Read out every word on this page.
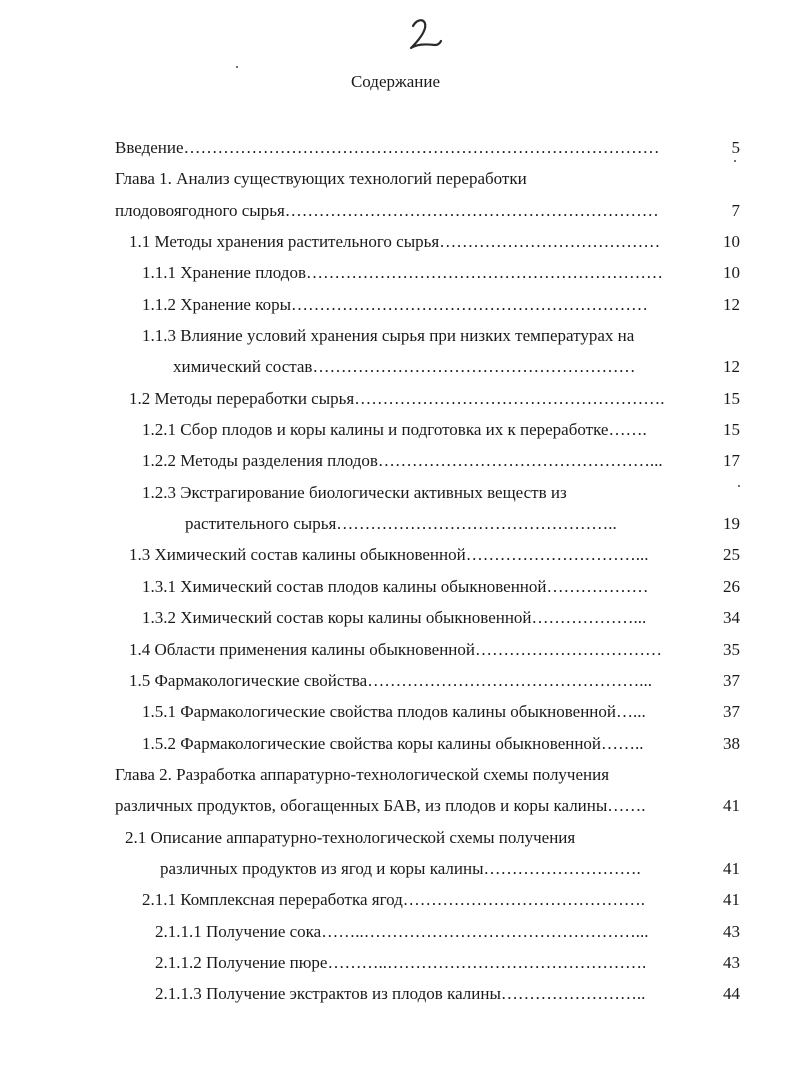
Содержание
Введение…………………………………………………………………………	5
Глава 1. Анализ существующих технологий переработки
плодовоягодного сырья…………………………………………………………	7
1.1 Методы хранения растительного сырья…………………………………	10
1.1.1 Хранение плодов………………………………………………………	10
1.1.2 Хранение коры………………………………………………………	12
1.1.3 Влияние условий хранения сырья при низких температурах на
химический состав…………………………………………………	12
1.2 Методы переработки сырья……………………………………………….	15
1.2.1 Сбор плодов и коры калины и подготовка их к переработке…….	15
1.2.2 Методы разделения плодов…………………………………………...	17
1.2.3 Экстрагирование биологически активных веществ из
растительного сырья…………………………………………..	19
1.3 Химический состав калины обыкновенной…………………………...	25
1.3.1 Химический состав плодов калины обыкновенной………………	26
1.3.2 Химический состав коры калины обыкновенной………………...	34
1.4 Области применения калины обыкновенной……………………………	35
1.5 Фармакологические свойства…………………………………………...	37
1.5.1 Фармакологические свойства плодов калины обыкновенной…...	37
1.5.2 Фармакологические свойства коры калины обыкновенной……..	38
Глава 2. Разработка аппаратурно-технологической схемы получения
различных продуктов, обогащенных БАВ, из плодов и коры калины…….	41
2.1 Описание аппаратурно-технологической схемы получения
различных продуктов из ягод и коры калины……………………….	41
2.1.1 Комплексная переработка ягод…………………………………….	41
2.1.1.1 Получение сока……..…………………………………………...	43
2.1.1.2 Получение пюре………..……………………………………….	43
2.1.1.3 Получение экстрактов из плодов калины……………………..	44
